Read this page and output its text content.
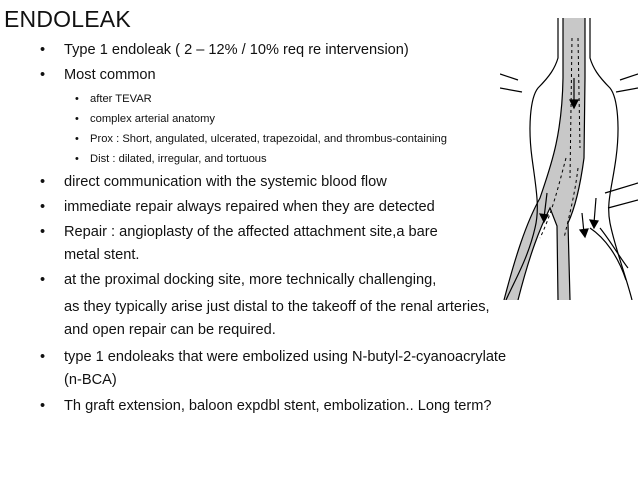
ENDOLEAK
• Type 1 endoleak ( 2 – 12% / 10% req re intervension)
• Most common
• after TEVAR
• complex arterial anatomy
• Prox : Short, angulated, ulcerated, trapezoidal, and thrombus-containing
• Dist : dilated, irregular, and tortuous
• direct communication with the systemic blood flow
• immediate repair always repaired when they are detected
• Repair : angioplasty of the affected attachment site,a bare
metal stent.
• at the proximal docking site, more technically challenging,
as they typically arise just distal to the takeoff of the renal arteries,
and open repair can be required.
• type 1 endoleaks that were embolized using N-butyl-2-cyanoacrylate
(n-BCA)
• Th graft extension, baloon expdbl stent, embolization.. Long term?
